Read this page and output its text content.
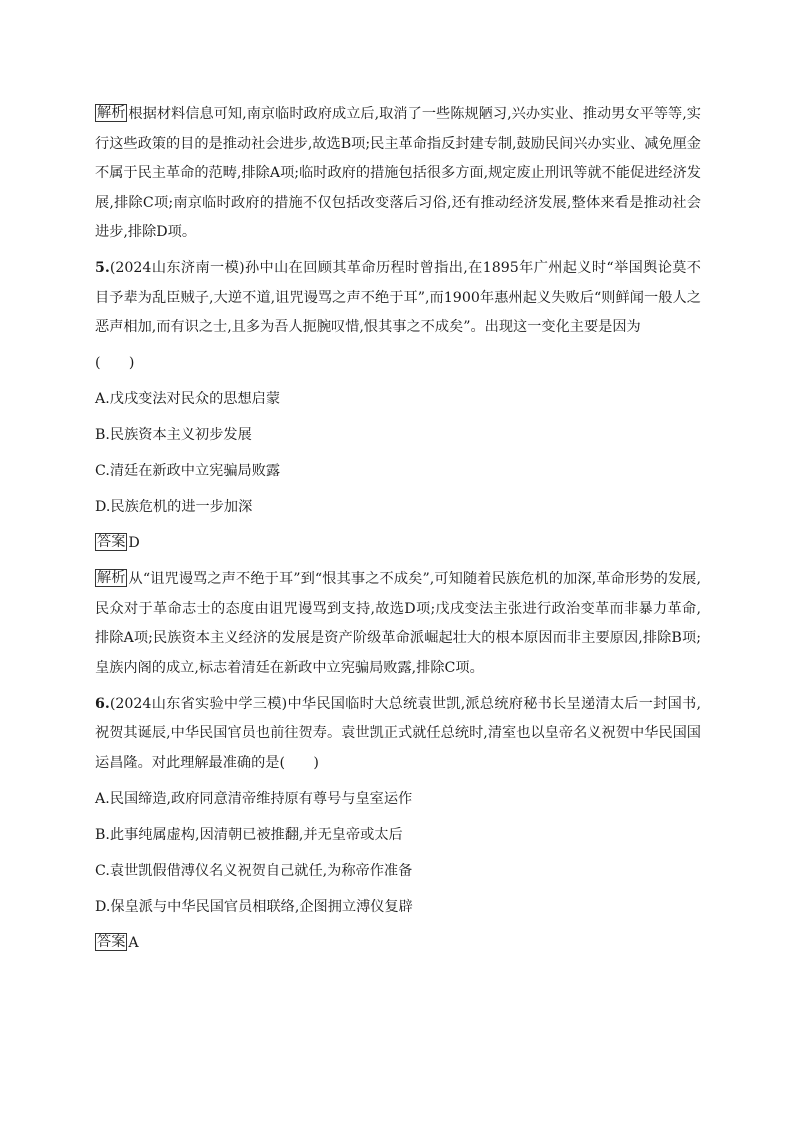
解析 根据材料信息可知,南京临时政府成立后,取消了一些陈规陋习,兴办实业、推动男女平等等,实行这些政策的目的是推动社会进步,故选B项;民主革命指反封建专制,鼓励民间兴办实业、减免厘金不属于民主革命的范畴,排除A项;临时政府的措施包括很多方面,规定废止刑讯等就不能促进经济发展,排除C项;南京临时政府的措施不仅包括改变落后习俗,还有推动经济发展,整体来看是推动社会进步,排除D项。

5.(2024山东济南一模)孙中山在回顾其革命历程时曾指出,在1895年广州起义时“举国舆论莫不目予辈为乱臣贼子,大逆不道,诅咒谩骂之声不绝于耳”,而1900年惠州起义失败后“则鲜闻一般人之恶声相加,而有识之士,且多为吾人扼腕叹惜,恨其事之不成矣”。出现这一变化主要是因为

(　　)

A.戊戌变法对民众的思想启蒙

B.民族资本主义初步发展

C.清廷在新政中立宪骗局败露

D.民族危机的进一步加深

答案 D

解析 从“诅咒谩骂之声不绝于耳”到“恨其事之不成矣”,可知随着民族危机的加深,革命形势的发展,民众对于革命志士的态度由诅咒谩骂到支持,故选D项;戊戌变法主张进行政治变革而非暴力革命,排除A项;民族资本主义经济的发展是资产阶级革命派崛起壮大的根本原因而非主要原因,排除B项;皇族内阁的成立,标志着清廷在新政中立宪骗局败露,排除C项。

6.(2024山东省实验中学三模)中华民国临时大总统袁世凯,派总统府秘书长呈递清太后一封国书,祝贺其诞辰,中华民国官员也前往贺寿。袁世凯正式就任总统时,清室也以皇帝名义祝贺中华民国国运昌隆。对此理解最准确的是(　　)

A.民国缔造,政府同意清帝维持原有尊号与皇室运作

B.此事纯属虚构,因清朝已被推翻,并无皇帝或太后

C.袁世凯假借溥仪名义祝贺自己就任,为称帝作准备

D.保皇派与中华民国官员相联络,企图拥立溥仪复辟

答案 A
